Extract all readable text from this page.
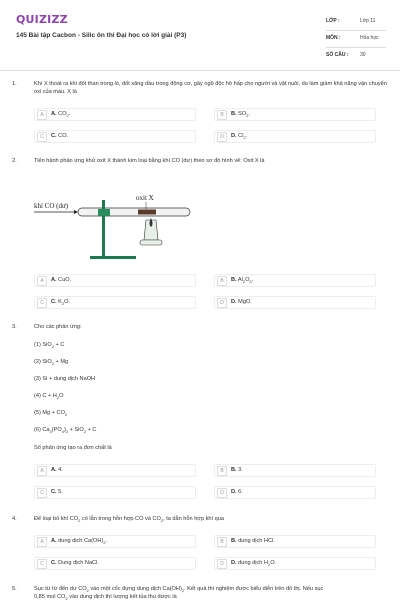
QUIZIZZ
145 Bài tập Cacbon - Silic ôn thi Đại học có lời giải (P3)
LỚP :	Lớp 11
MÔN :	Hóa học
SỐ CÂU : 30
1.	Khí X thoát ra khi đốt than trong lò, đốt xăng dầu trong động cơ, gây ngộ độc hô hấp cho người và vật nuôi, do làm giảm khả năng vận chuyển oxi của máu. X là
A	A. $CO_2$.	B	B. $SO_2$.
C	C. CO.	D	D. $Cl_2$.
2.	Tiến hành phản ứng khử oxit X thành kim loại bằng khí CO (dư) theo sơ đồ hình vẽ: Oxit X là
khí CO (dư)
oxit X
A	A. CuO.	B	B. $Al_2O_3$.
C	C. $K_2O$.	D	D. MgO.
3.	Cho các phản ứng:
(1) SiO$_2$ + C
(2) SiO$_2$ + Mg
(3) Si + dung dịch NaOH
(4) $C + H_2O$
(5) $Mg + CO_2$
(6) $Ca_3(PO_4)_2 + SiO_2 + C$
Số phản ứng tạo ra đơn chất là
A	A. 4.	B	B. 3.
C	C. 5.	D	D. 6.
4.	Để loại bỏ khí $CO_2$ có lẫn trong hỗn hợp CO và $CO_2$, ta dẫn hỗn hợp khí qua
A	A. dung dịch $Ca(OH)_2$.	B	B. dung dịch HCl.
C	C. Dung dịch NaCl.	D	D. dung dịch $H_2O$.
5.	Sục từ từ đến dư $CO_2$ vào một cốc đựng dung dịch $Ca(OH)_2$. Kết quả thí nghiệm được biểu diễn trên đồ thị. Nếu sục
0,85 mol $CO_2$ vào dung dịch thì lượng kết tủa thu được là
